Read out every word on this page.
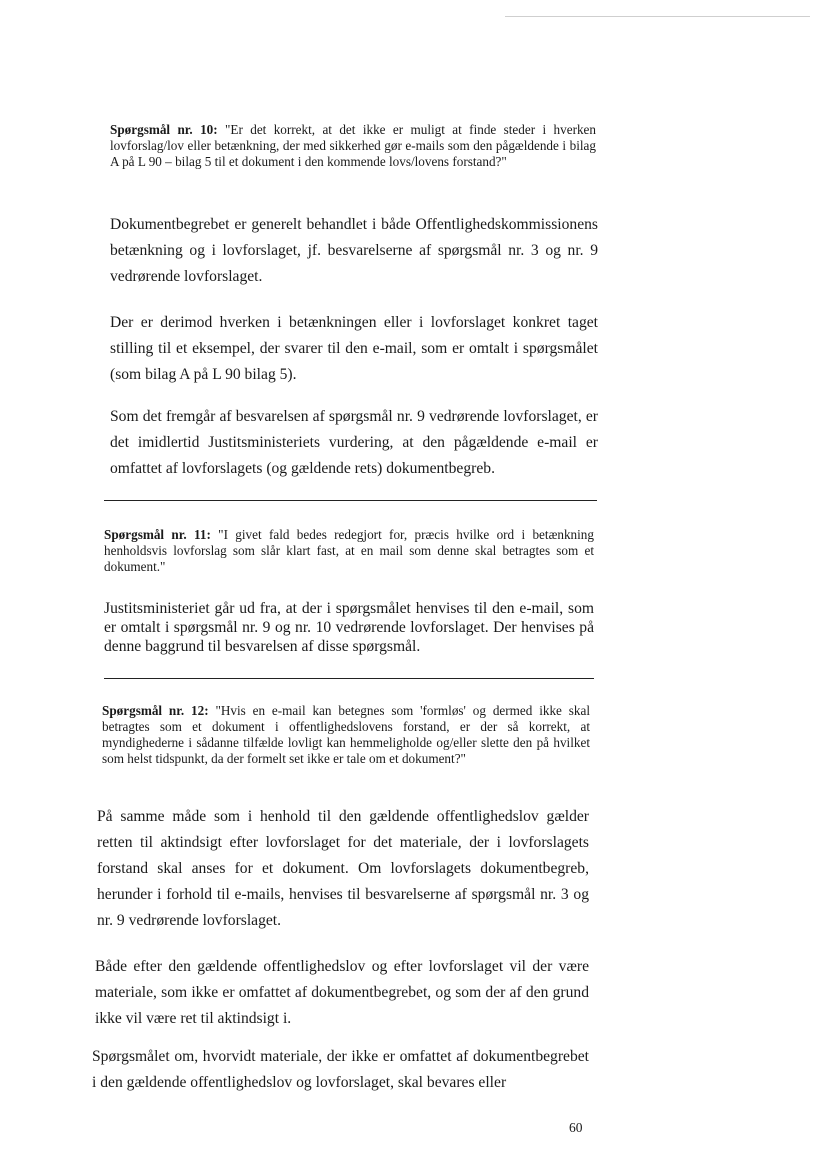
Spørgsmål nr. 10: "Er det korrekt, at det ikke er muligt at finde steder i hverken lovforslag/lov eller betænkning, der med sikkerhed gør e-mails som den pågældende i bilag A på L 90 – bilag 5 til et dokument i den kommende lovs/lovens forstand?"

Dokumentbegrebet er generelt behandlet i både Offentlighedskommissionens betænkning og i lovforslaget, jf. besvarelserne af spørgsmål nr. 3 og nr. 9 vedrørende lovforslaget.

Der er derimod hverken i betænkningen eller i lovforslaget konkret taget stilling til et eksempel, der svarer til den e-mail, som er omtalt i spørgsmålet (som bilag A på L 90 bilag 5).

Som det fremgår af besvarelsen af spørgsmål nr. 9 vedrørende lovforslaget, er det imidlertid Justitsministeriets vurdering, at den pågældende e-mail er omfattet af lovforslagets (og gældende rets) dokumentbegreb.

Spørgsmål nr. 11: "I givet fald bedes redegjort for, præcis hvilke ord i betænkning henholdsvis lovforslag som slår klart fast, at en mail som denne skal betragtes som et dokument."

Justitsministeriet går ud fra, at der i spørgsmålet henvises til den e-mail, som er omtalt i spørgsmål nr. 9 og nr. 10 vedrørende lovforslaget. Der henvises på denne baggrund til besvarelsen af disse spørgsmål.

Spørgsmål nr. 12: "Hvis en e-mail kan betegnes som 'formløs' og dermed ikke skal betragtes som et dokument i offentlighedslovens forstand, er der så korrekt, at myndighederne i sådanne tilfælde lovligt kan hemmeligholde og/eller slette den på hvilket som helst tidspunkt, da der formelt set ikke er tale om et dokument?"

På samme måde som i henhold til den gældende offentlighedslov gælder retten til aktindsigt efter lovforslaget for det materiale, der i lovforslagets forstand skal anses for et dokument. Om lovforslagets dokumentbegreb, herunder i forhold til e-mails, henvises til besvarelserne af spørgsmål nr. 3 og nr. 9 vedrørende lovforslaget.

Både efter den gældende offentlighedslov og efter lovforslaget vil der være materiale, som ikke er omfattet af dokumentbegrebet, og som der af den grund ikke vil være ret til aktindsigt i.

Spørgsmålet om, hvorvidt materiale, der ikke er omfattet af dokumentbegrebet i den gældende offentlighedslov og lovforslaget, skal bevares eller

60
